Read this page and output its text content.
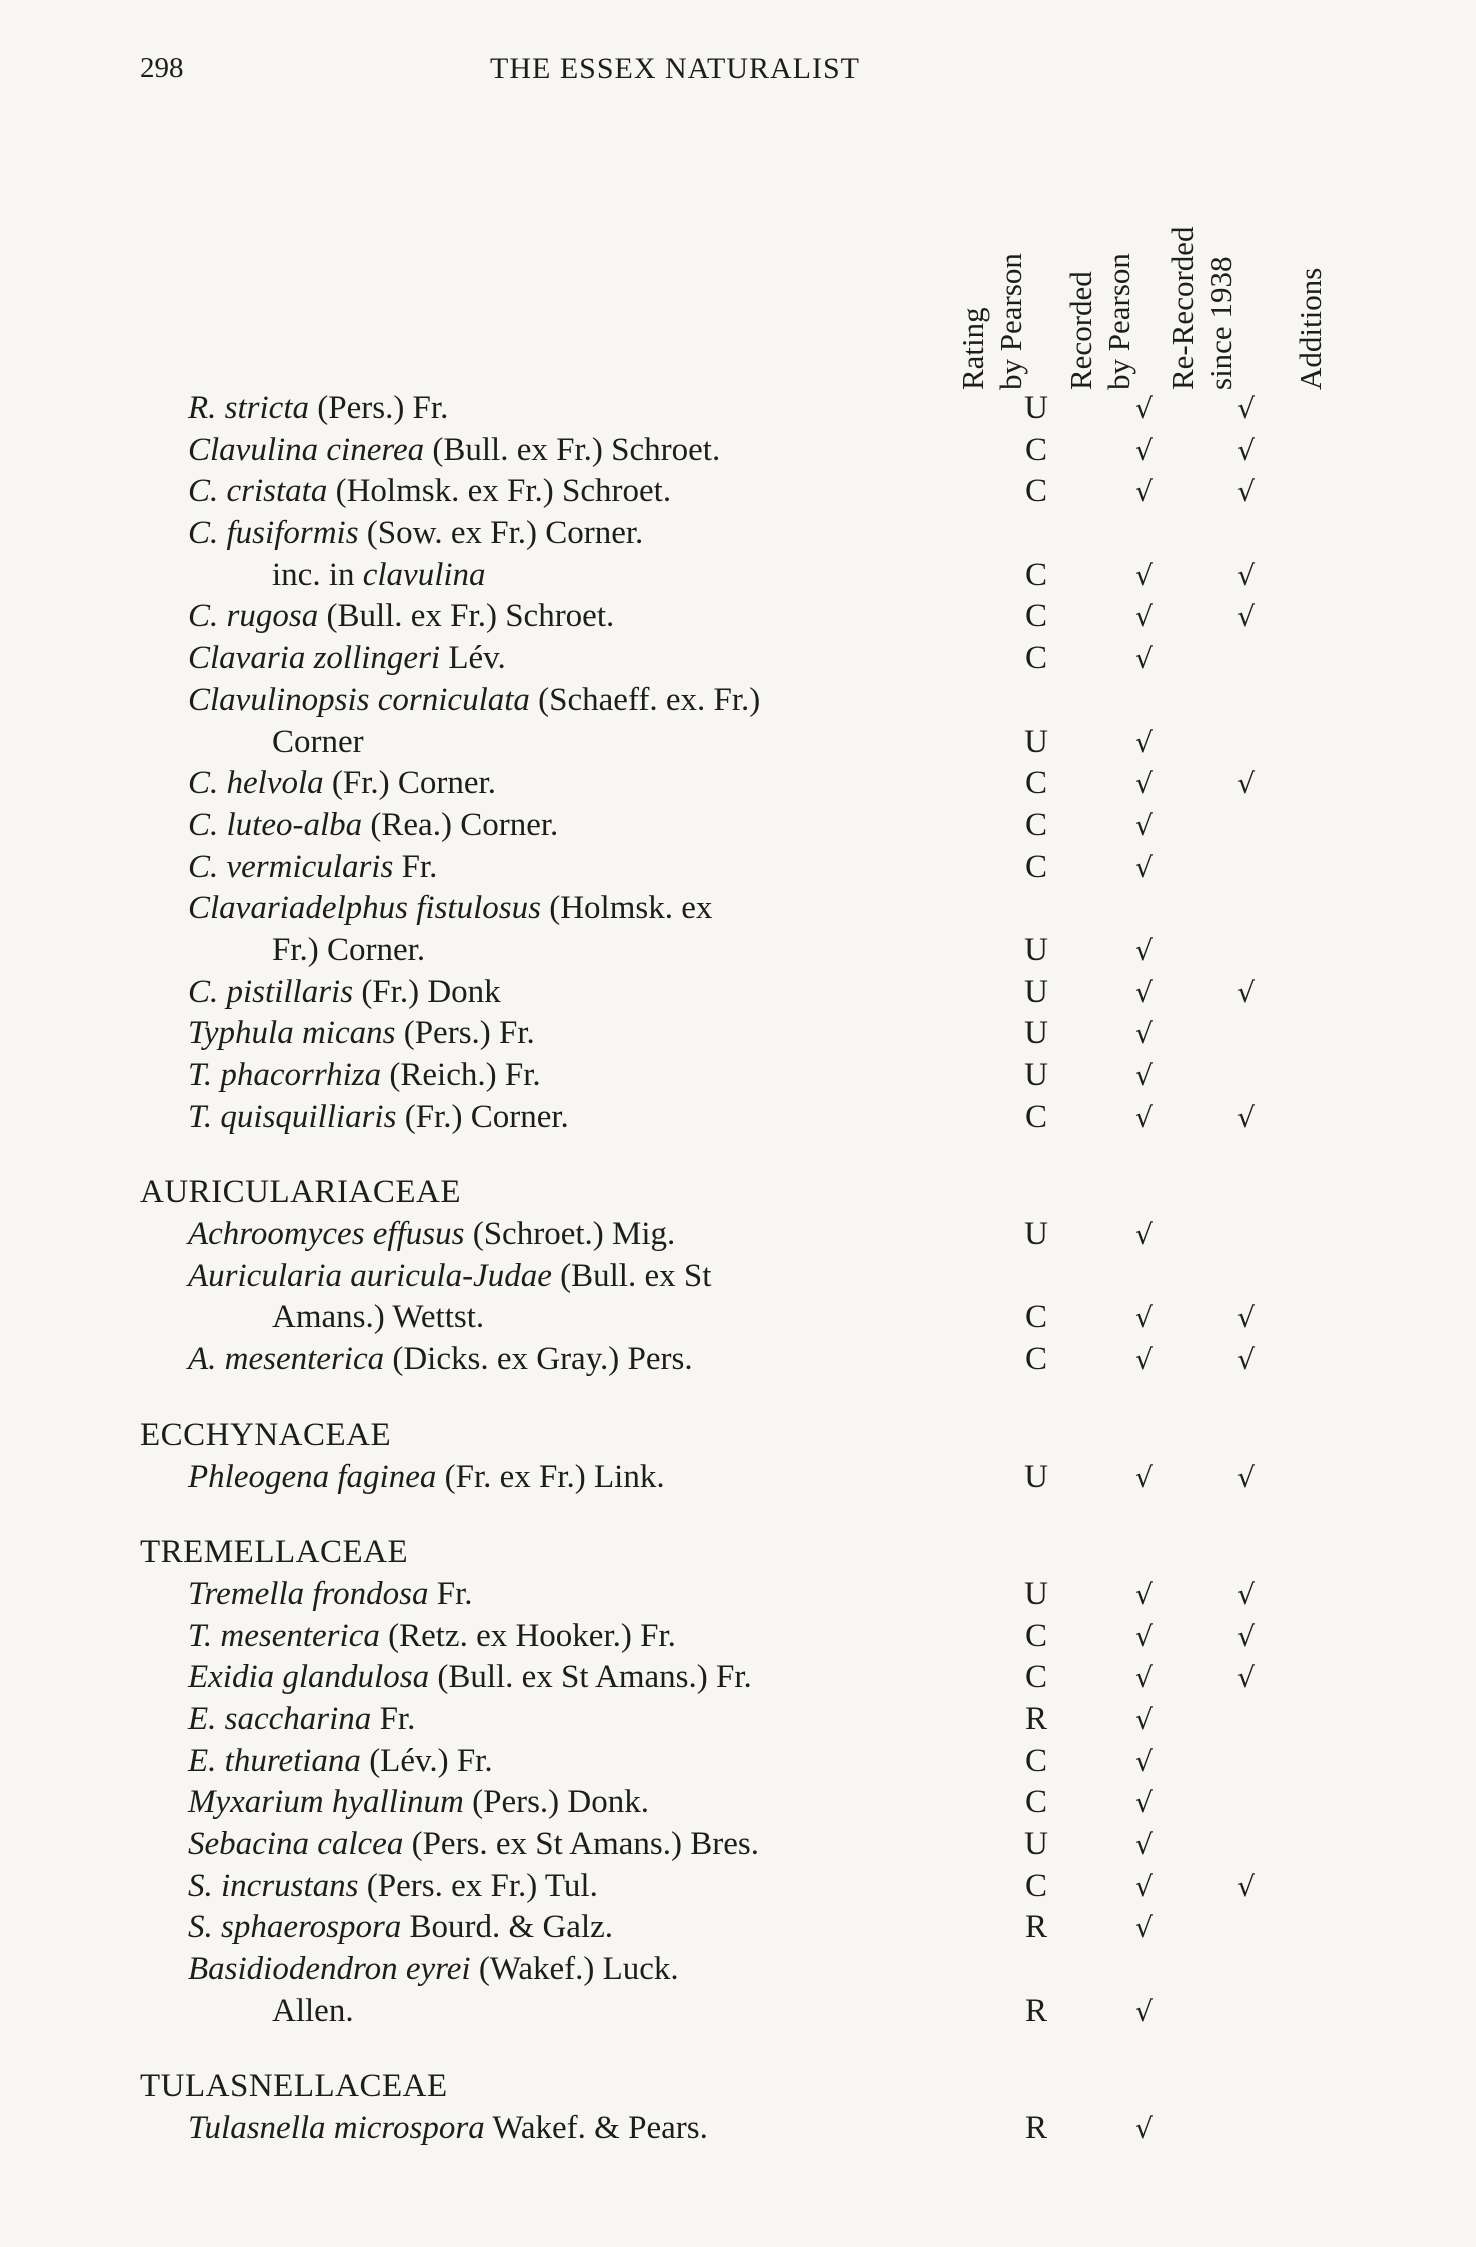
298	THE ESSEX NATURALIST
Rating by Pearson Recorded by Pearson Re-Recorded since 1938 Additions
R. stricta (Pers.) Fr.	U	√	√
Clavulina cinerea (Bull. ex Fr.) Schroet.	C	√	√
C. cristata (Holmsk. ex Fr.) Schroet.	C	√	√
C. fusiformis (Sow. ex Fr.) Corner.
inc. in clavulina	C	√	√
C. rugosa (Bull. ex Fr.) Schroet.	C	√	√
Clavaria zollingeri Lév.	C	√
Clavulinopsis corniculata (Schaeff. ex. Fr.)
Corner	U	√
C. helvola (Fr.) Corner.	C	√	√
C. luteo-alba (Rea.) Corner.	C	√
C. vermicularis Fr.	C	√
Clavariadelphus fistulosus (Holmsk. ex
Fr.) Corner.	U	√
C. pistillaris (Fr.) Donk	U	√	√
Typhula micans (Pers.) Fr.	U	√
T. phacorrhiza (Reich.) Fr.	U	√
T. quisquilliaris (Fr.) Corner.	C	√	√
AURICULARIACEAE
Achroomyces effusus (Schroet.) Mig.	U	√
Auricularia auricula-Judae (Bull. ex St
Amans.) Wettst.	C	√	√
A. mesenterica (Dicks. ex Gray.) Pers.	C	√	√
ECCHYNACEAE
Phleogena faginea (Fr. ex Fr.) Link.	U	√	√
TREMELLACEAE
Tremella frondosa Fr.	U	√	√
T. mesenterica (Retz. ex Hooker.) Fr.	C	√	√
Exidia glandulosa (Bull. ex St Amans.) Fr.	C	√	√
E. saccharina Fr.	R	√
E. thuretiana (Lév.) Fr.	C	√
Myxarium hyallinum (Pers.) Donk.	C	√
Sebacina calcea (Pers. ex St Amans.) Bres.	U	√
S. incrustans (Pers. ex Fr.) Tul.	C	√	√
S. sphaerospora Bourd. & Galz.	R	√
Basidiodendron eyrei (Wakef.) Luck.
Allen.	R	√
TULASNELLACEAE
Tulasnella microspora Wakef. & Pears.	R	√
